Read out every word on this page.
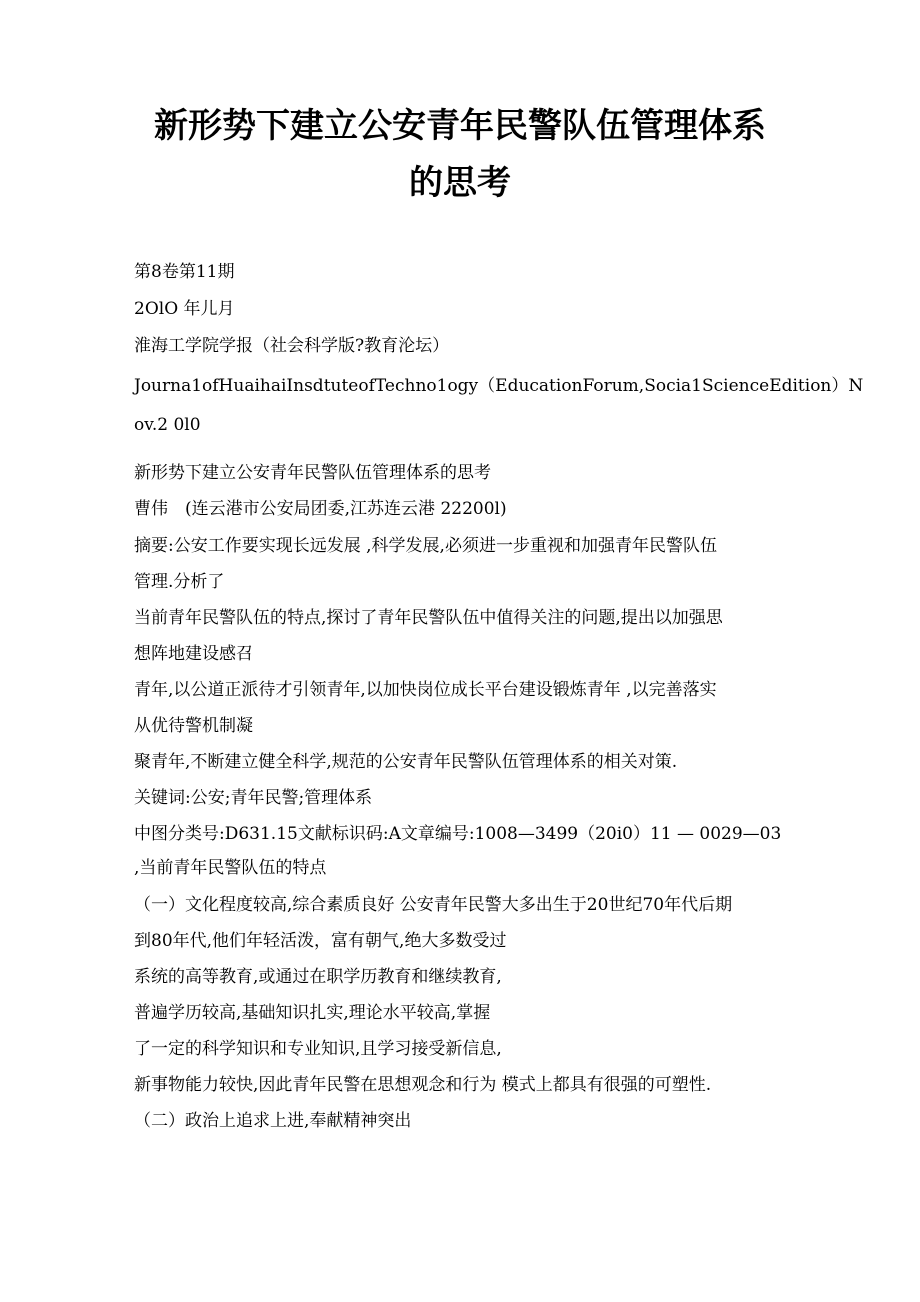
新形势下建立公安青年民警队伍管理体系
的思考
第8卷第11期
2OlO 年儿月
淮海工学院学报（社会科学版?教育沦坛）
Journa1ofHuaihaiInsdtuteofTechno1ogy（EducationForum,Socia1ScienceEdition）N
ov.2 0l0
新形势下建立公安青年民警队伍管理体系的思考
曹伟　(连云港市公安局团委,江苏连云港 22200l)
摘要:公安工作要实现长远发展 ,科学发展,必须进一步重视和加强青年民警队伍
管理.分析了
当前青年民警队伍的特点,探讨了青年民警队伍中值得关注的问题,提出以加强思
想阵地建设感召
青年,以公道正派待才引领青年,以加快岗位成长平台建设锻炼青年 ,以完善落实
从优待警机制凝
聚青年,不断建立健全科学,规范的公安青年民警队伍管理体系的相关对策.
关键词:公安;青年民警;管理体系
中图分类号:D631.15文献标识码:A文章编号:1008—3499（20i0）11 — 0029—03
,当前青年民警队伍的特点
（一）文化程度较高,综合素质良好 公安青年民警大多出生于20世纪70年代后期
到80年代,他们年轻活泼，富有朝气,绝大多数受过
系统的高等教育,或通过在职学历教育和继续教育,
普遍学历较高,基础知识扎实,理论水平较高,掌握
了一定的科学知识和专业知识,且学习接受新信息,
新事物能力较快,因此青年民警在思想观念和行为 模式上都具有很强的可塑性.
（二）政治上追求上进,奉献精神突出
